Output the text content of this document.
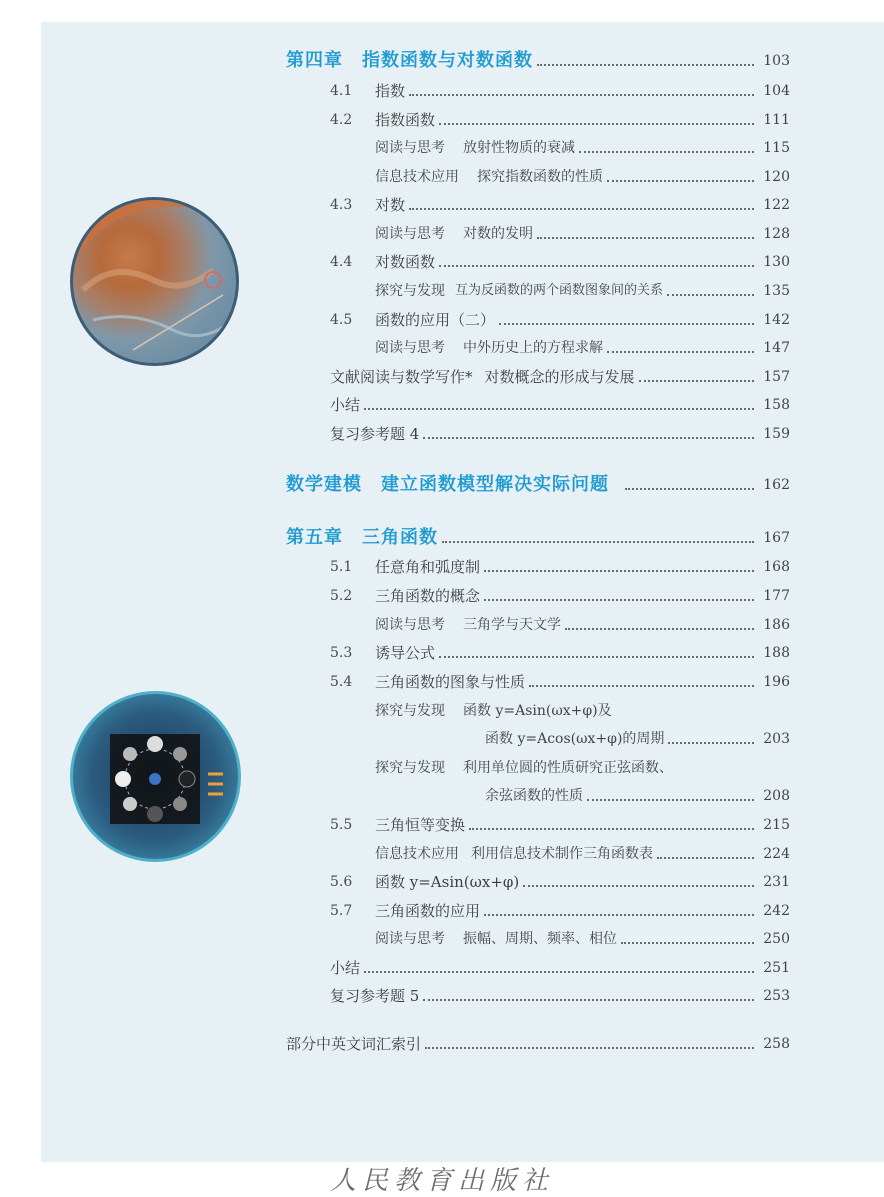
第四章　指数函数与对数函数	103
4.1	指数	104
4.2	指数函数	111
阅读与思考 放射性物质的衰减	115
信息技术应用 探究指数函数的性质	120
4.3	对数	122
阅读与思考 对数的发明	128
4.4	对数函数	130
探究与发现 互为反函数的两个函数图象间的关系	135
4.5	函数的应用（二）	142
阅读与思考 中外历史上的方程求解	147
文献阅读与数学写作* 对数概念的形成与发展	157
小结	158
复习参考题 4	159
数学建模　建立函数模型解决实际问题	162
第五章　三角函数	167
5.1	任意角和弧度制	168
5.2	三角函数的概念	177
阅读与思考 三角学与天文学	186
5.3	诱导公式	188
5.4	三角函数的图象与性质	196
探究与发现 函数 y=Asin(ωx+φ)及
函数 y=Acos(ωx+φ)的周期	203
探究与发现 利用单位圆的性质研究正弦函数、
余弦函数的性质	208
5.5	三角恒等变换	215
信息技术应用 利用信息技术制作三角函数表	224
5.6	函数 y=Asin(ωx+φ)	231
5.7	三角函数的应用	242
阅读与思考 振幅、周期、频率、相位	250
小结	251
复习参考题 5	253
部分中英文词汇索引	258
人民教育出版社
